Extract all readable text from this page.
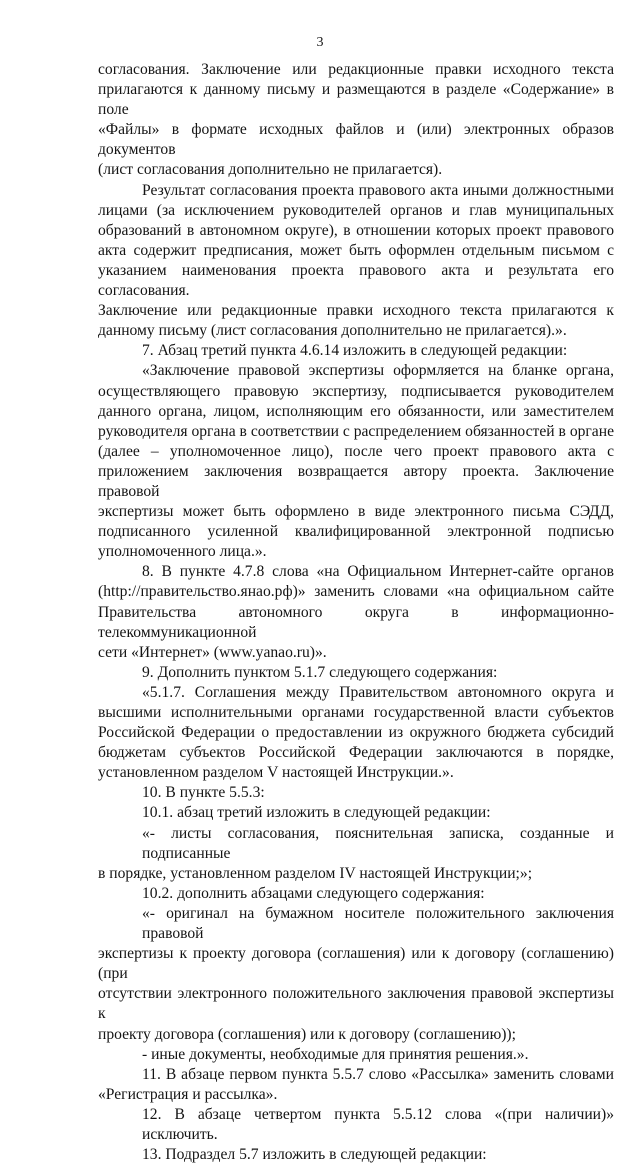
3

согласования. Заключение или редакционные правки исходного текста
прилагаются к данному письму и размещаются в разделе «Содержание» в поле
«Файлы» в формате исходных файлов и (или) электронных образов документов
(лист согласования дополнительно не прилагается).

Результат согласования проекта правового акта иными должностными
лицами (за исключением руководителей органов и глав муниципальных
образований в автономном округе), в отношении которых проект правового
акта содержит предписания, может быть оформлен отдельным письмом с
указанием наименования проекта правового акта и результата его согласования.
Заключение или редакционные правки исходного текста прилагаются к
данному письму (лист согласования дополнительно не прилагается).».

7. Абзац третий пункта 4.6.14 изложить в следующей редакции:

«Заключение правовой экспертизы оформляется на бланке органа,
осуществляющего правовую экспертизу, подписывается руководителем
данного органа, лицом, исполняющим его обязанности, или заместителем
руководителя органа в соответствии с распределением обязанностей в органе
(далее – уполномоченное лицо), после чего проект правового акта с
приложением заключения возвращается автору проекта. Заключение правовой
экспертизы может быть оформлено в виде электронного письма СЭДД,
подписанного усиленной квалифицированной электронной подписью
уполномоченного лица.».

8. В пункте 4.7.8 слова «на Официальном Интернет-сайте органов
(http://правительство.янао.рф)» заменить словами «на официальном сайте
Правительства автономного округа в информационно-телекоммуникационной
сети «Интернет» (www.yanao.ru)».

9. Дополнить пунктом 5.1.7 следующего содержания:

«5.1.7. Соглашения между Правительством автономного округа и
высшими исполнительными органами государственной власти субъектов
Российской Федерации о предоставлении из окружного бюджета субсидий
бюджетам субъектов Российской Федерации заключаются в порядке,
установленном разделом V настоящей Инструкции.».

10. В пункте 5.5.3:

10.1. абзац третий изложить в следующей редакции:

«- листы согласования, пояснительная записка, созданные и подписанные
в порядке, установленном разделом IV настоящей Инструкции;»;

10.2. дополнить абзацами следующего содержания:

«- оригинал на бумажном носителе положительного заключения правовой
экспертизы к проекту договора (соглашения) или к договору (соглашению) (при
отсутствии электронного положительного заключения правовой экспертизы к
проекту договора (соглашения) или к договору (соглашению));

- иные документы, необходимые для принятия решения.».

11. В абзаце первом пункта 5.5.7 слово «Рассылка» заменить словами
«Регистрация и рассылка».

12. В абзаце четвертом пункта 5.5.12 слова «(при наличии)» исключить.

13. Подраздел 5.7 изложить в следующей редакции:
